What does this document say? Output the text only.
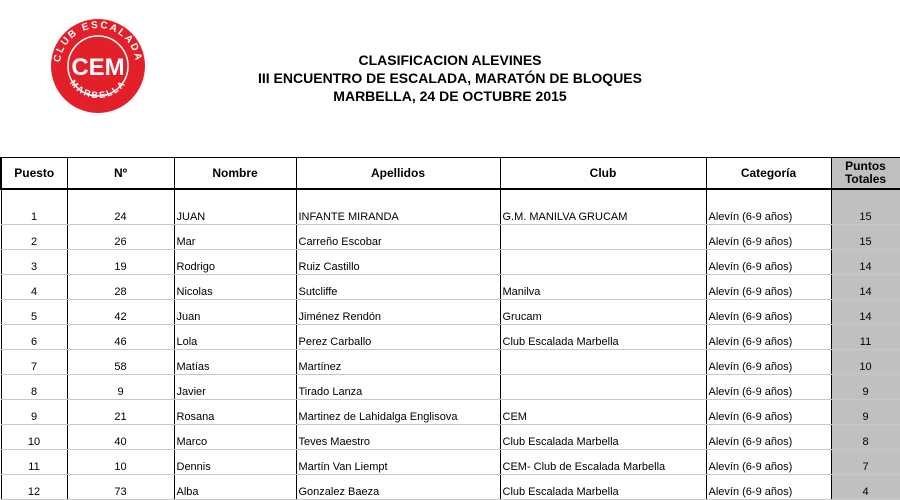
CLUB ESCALADA
MARBELLA
CEM	CLASIFICACION ALEVINES
III ENCUENTRO DE ESCALADA, MARATÓN DE BLOQUES
MARBELLA, 24 DE OCTUBRE 2015
Puesto	Nº	Nombre	Apellidos	Club	Categoría	Puntos Totales

1	24	JUAN	INFANTE MIRANDA	G.M. MANILVA GRUCAM	Alevín (6-9 años)	15
2	26	Mar	Carreño Escobar		Alevín (6-9 años)	15
3	19	Rodrigo	Ruiz Castillo		Alevín (6-9 años)	14
4	28	Nicolas	Sutcliffe	Manilva	Alevín (6-9 años)	14
5	42	Juan	Jiménez Rendón	Grucam	Alevín (6-9 años)	14
6	46	Lola	Perez Carballo	Club Escalada Marbella	Alevín (6-9 años)	11
7	58	Matías	Martínez		Alevín (6-9 años)	10
8	9	Javier	Tirado Lanza		Alevín (6-9 años)	9
9	21	Rosana	Martinez de Lahidalga Englisova	CEM	Alevín (6-9 años)	9
10	40	Marco	Teves Maestro	Club Escalada Marbella	Alevín (6-9 años)	8
11	10	Dennis	Martín Van Liempt	CEM- Club de Escalada Marbella	Alevín (6-9 años)	7
12	73	Alba	Gonzalez Baeza	Club Escalada Marbella	Alevín (6-9 años)	4
